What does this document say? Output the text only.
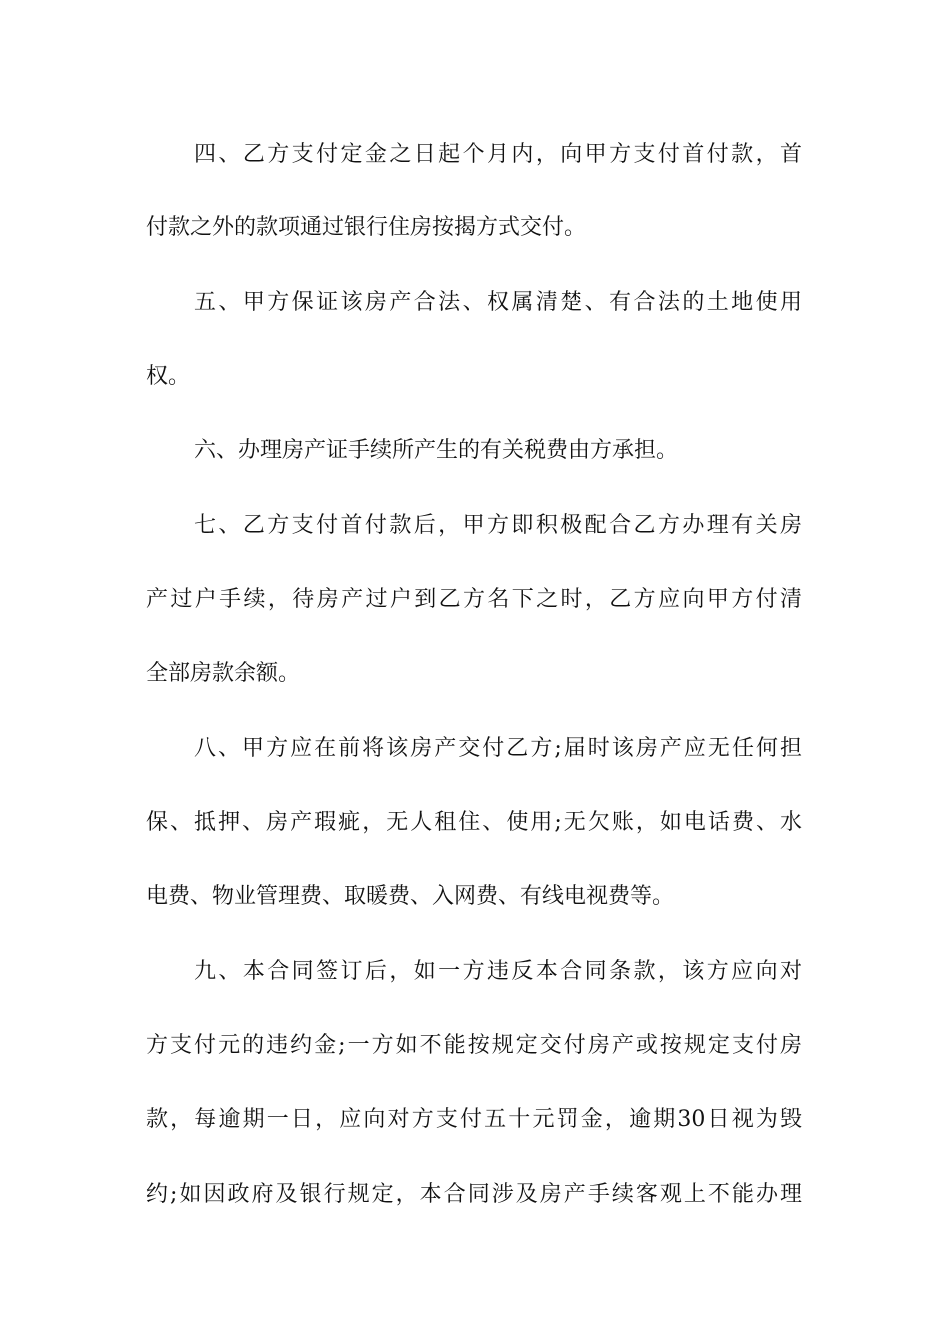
四、乙方支付定金之日起个月内，向甲方支付首付款，首
付款之外的款项通过银行住房按揭方式交付。
五、甲方保证该房产合法、权属清楚、有合法的土地使用
权。
六、办理房产证手续所产生的有关税费由方承担。
七、乙方支付首付款后，甲方即积极配合乙方办理有关房
产过户手续，待房产过户到乙方名下之时，乙方应向甲方付清
全部房款余额。
八、甲方应在前将该房产交付乙方;届时该房产应无任何担
保、抵押、房产瑕疵，无人租住、使用;无欠账，如电话费、水
电费、物业管理费、取暖费、入网费、有线电视费等。
九、本合同签订后，如一方违反本合同条款，该方应向对
方支付元的违约金;一方如不能按规定交付房产或按规定支付房
款，每逾期一日，应向对方支付五十元罚金，逾期30日视为毁
约;如因政府及银行规定，本合同涉及房产手续客观上不能办理
